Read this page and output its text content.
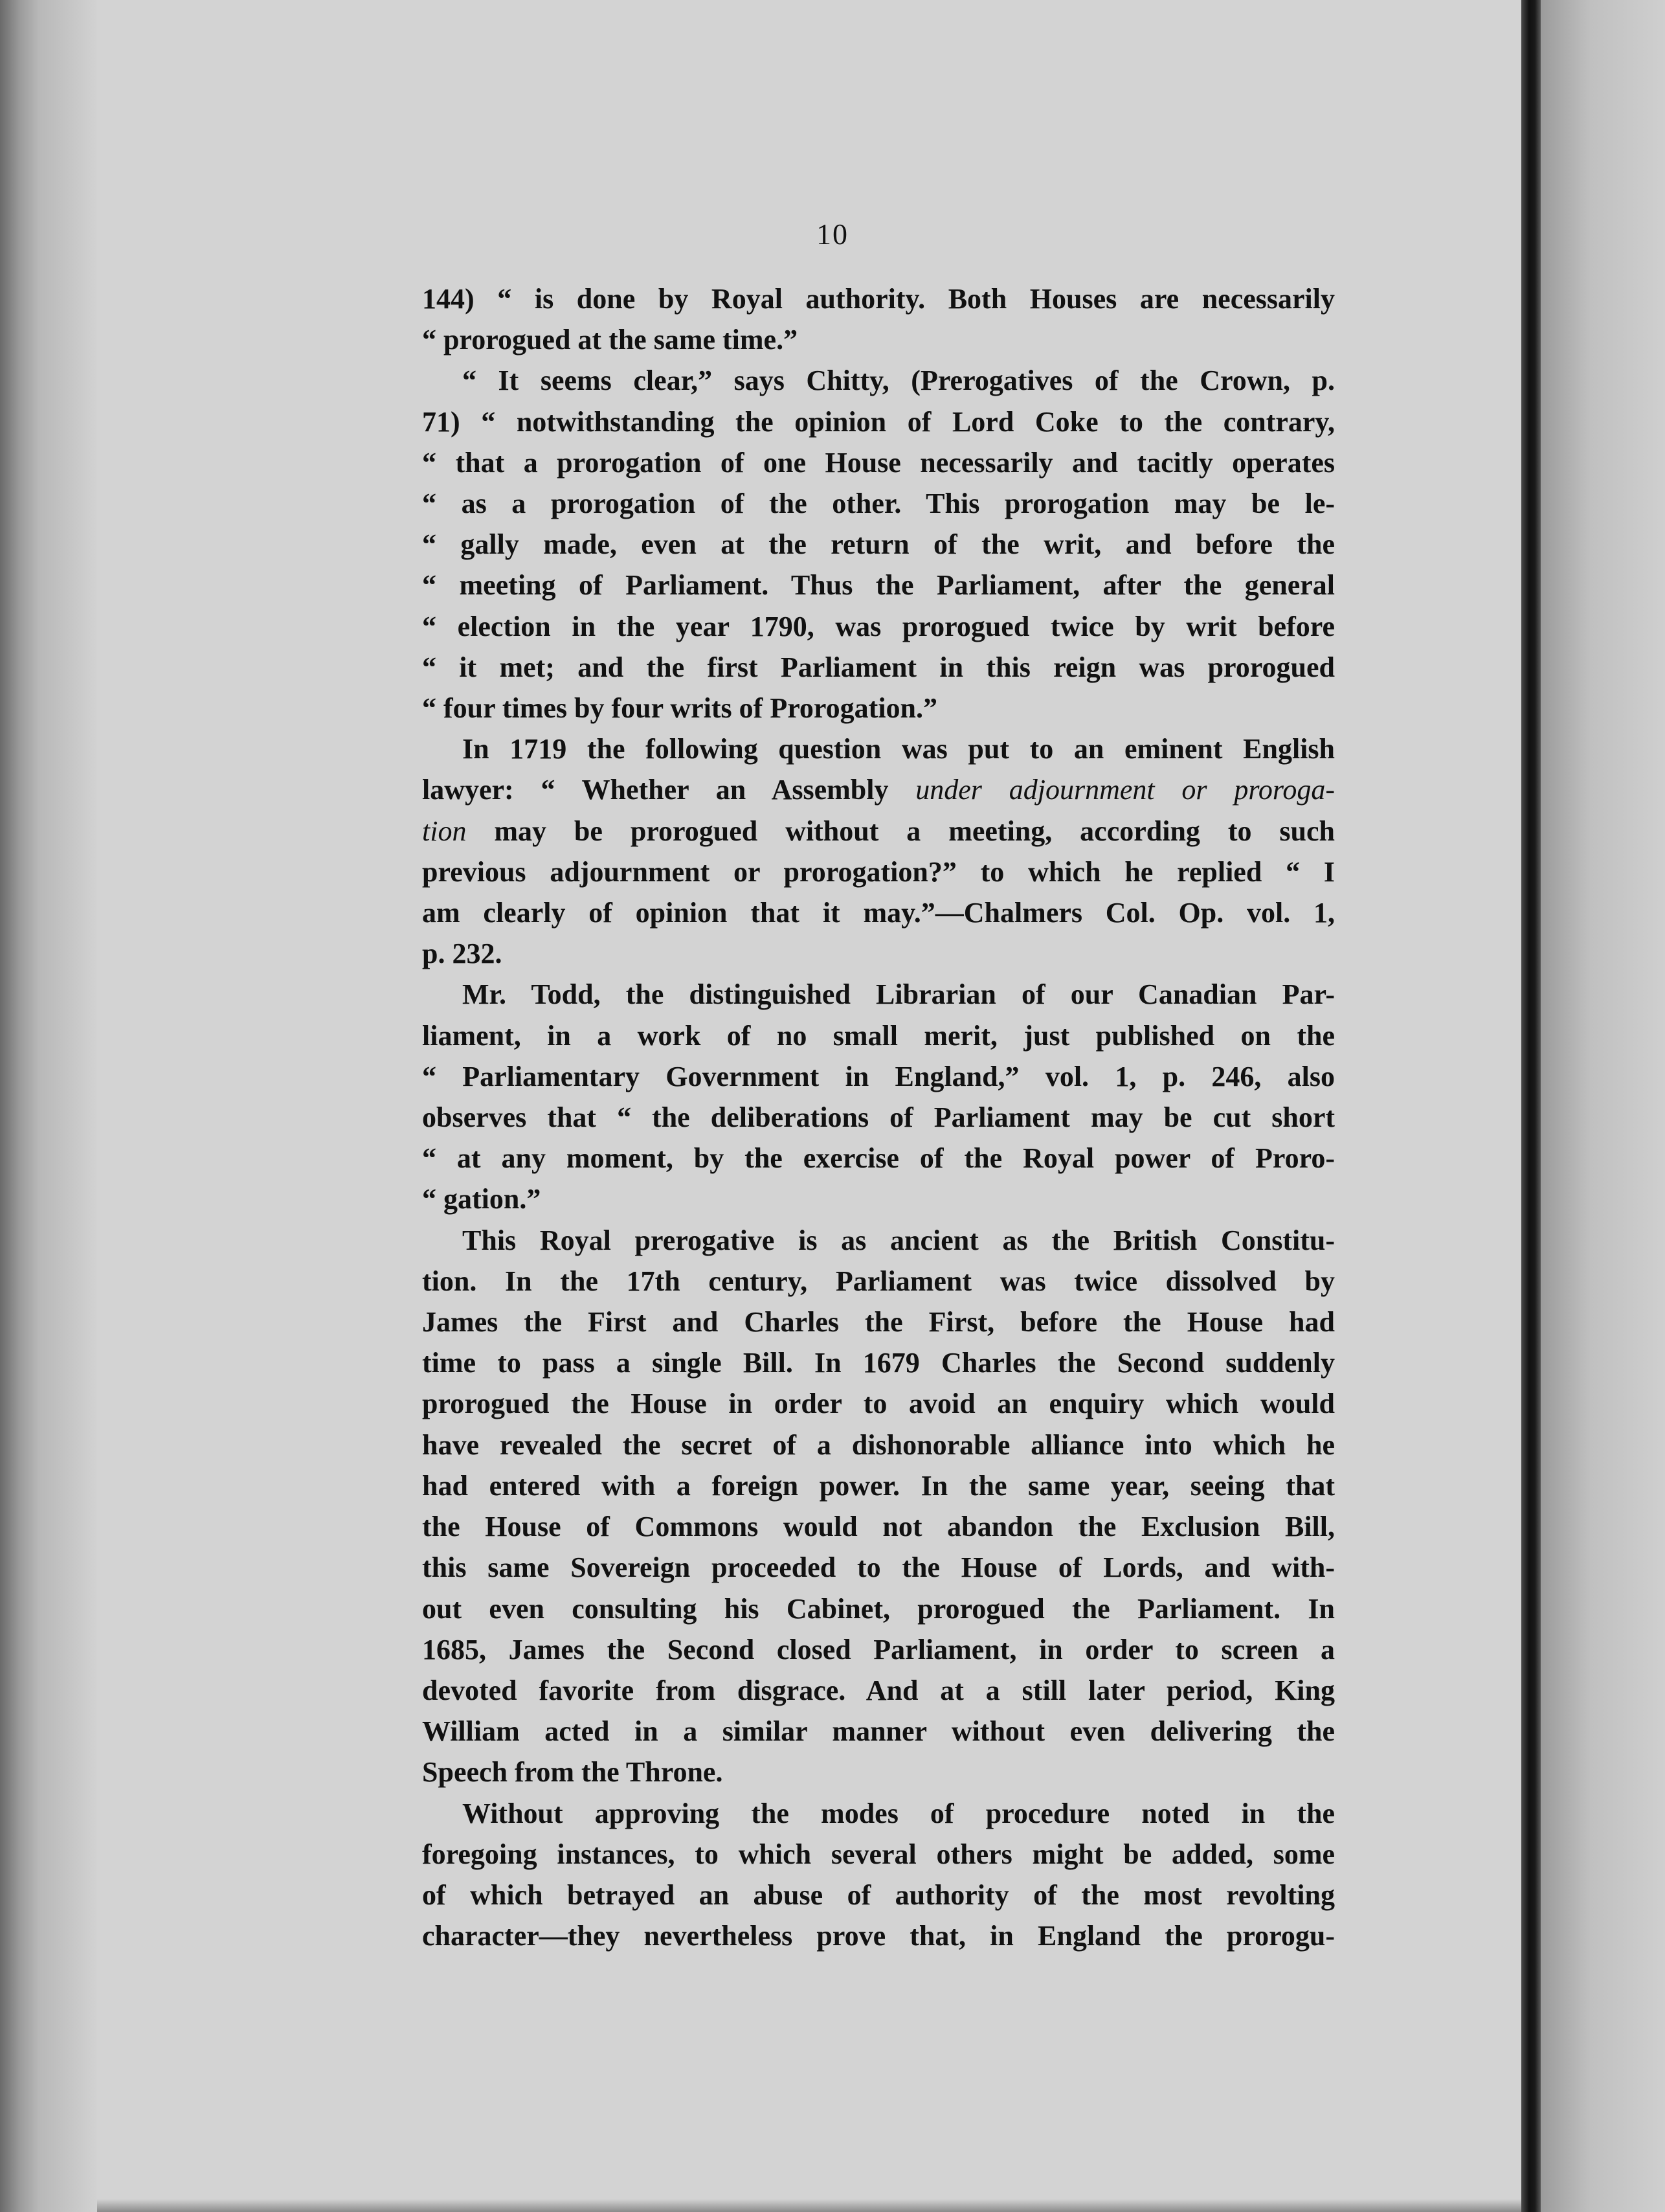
10

144) “ is done by Royal authority. Both Houses are necessarily
“ prorogued at the same time.”

“ It seems clear,” says Chitty, (Prerogatives of the Crown, p.
71) “ notwithstanding the opinion of Lord Coke to the contrary,
“ that a prorogation of one House necessarily and tacitly operates
“ as a prorogation of the other. This prorogation may be le-
“ gally made, even at the return of the writ, and before the
“ meeting of Parliament. Thus the Parliament, after the general
“ election in the year 1790, was prorogued twice by writ before
“ it met; and the first Parliament in this reign was prorogued
“ four times by four writs of Prorogation.”

In 1719 the following question was put to an eminent English
lawyer: “ Whether an Assembly under adjournment or proroga-
tion may be prorogued without a meeting, according to such
previous adjournment or prorogation?” to which he replied “ I
am clearly of opinion that it may.”—Chalmers Col. Op. vol. 1,
p. 232.

Mr. Todd, the distinguished Librarian of our Canadian Par-
liament, in a work of no small merit, just published on the
“ Parliamentary Government in England,” vol. 1, p. 246, also
observes that “ the deliberations of Parliament may be cut short
“ at any moment, by the exercise of the Royal power of Proro-
“ gation.”

This Royal prerogative is as ancient as the British Constitu-
tion. In the 17th century, Parliament was twice dissolved by
James the First and Charles the First, before the House had
time to pass a single Bill. In 1679 Charles the Second suddenly
prorogued the House in order to avoid an enquiry which would
have revealed the secret of a dishonorable alliance into which he
had entered with a foreign power. In the same year, seeing that
the House of Commons would not abandon the Exclusion Bill,
this same Sovereign proceeded to the House of Lords, and with-
out even consulting his Cabinet, prorogued the Parliament. In
1685, James the Second closed Parliament, in order to screen a
devoted favorite from disgrace. And at a still later period, King
William acted in a similar manner without even delivering the
Speech from the Throne.

Without approving the modes of procedure noted in the
foregoing instances, to which several others might be added, some
of which betrayed an abuse of authority of the most revolting
character—they nevertheless prove that, in England the prorogu-
